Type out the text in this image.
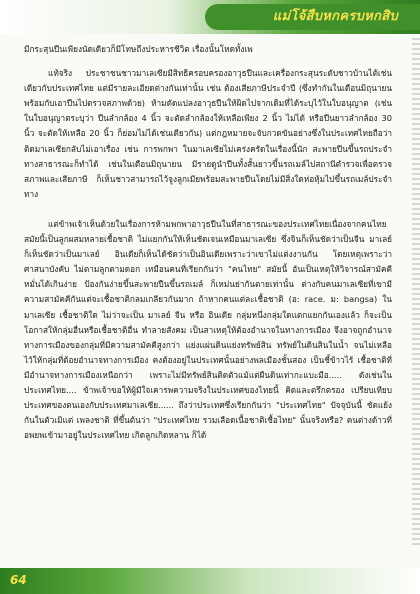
แม่โจ้สืบหกครบหกสิบ

มีกระสุนปืนเพียงนัดเดียวก็มีโทษถึงประหารชีวิต เรื่องนั้นโหดทั้งเพ

แท้จริง ประชาชนชาวมาเลเซียมีสิทธิครอบครองอาวุธปืนและเครื่องกระสุนระดับชาวบ้านได้เช่นเดียวกับประเทศไทย แต่มีรายละเอียดต่างกันเท่านั้น เช่น ต้องเสียภาษีประจำปี (ซึ่งทำกันในเดือนมิถุนายน พร้อมกับเอาปืนไปตรวจสภาพด้วย) ห้ามดัดแปลงอาวุธปืนให้ผิดไปจากเดิมที่ได้ระบุไว้ในใบอนุญาต (เช่นในใบอนุญาตระบุว่า ปืนลำกล้อง 4 นิ้ว จะตัดลำกล้องให้เหลือเพียง 2 นิ้ว ไม่ได้ หรือปืนยาวลำกล้อง 30 นิ้ว จะตัดให้เหลือ 20 นิ้ว ก็ย่อมไม่ได้เช่นเดียวกัน) แต่กฎหมายจะจับกวดขันอย่างซึ่งในประเทศไทยถือว่าติดมาเลเซียกลับไม่เอาเรื่อง เช่น การพกพา ในมาเลเซียไม่เคร่งครัดในเรื่องนี้นัก สะพายปืนขึ้นรถประจำทางสาธารณะก็ทำได้ เช่นในเดือนมิถุนายน มีรายดูนำปืนทั้งสั้นยาวขึ้นรถเมล์ไปสถานีตำรวจเพื่อตรวจสภาพและเสียภาษี ก็เห็นชาวสามารถไว้จูงลูกเมียพร้อมสะพายปืนโดยไม่มีสิ่งใดห่อหุ้มไปขึ้นรถเมล์ประจำทาง

แต่ข้าพเจ้าเห็นด้วยในเรื่องการห้ามพกพาอาวุธปืนในที่สาธารณะของประเทศไทยเนื่องจากคนไทยสมัยนี้เป็นลูกผสมหลายเชื้อชาติ ไม่แยกกันให้เห็นชัดเจนเหมือนมาเลเซีย ซึ่งจินก็เห็นชัดว่าเป็นจีน มาเลย์ ก็เห็นชัดว่าเป็นมาเลย์ อินเดียก็เห็นได้ชัดว่าเป็นอินเดียเพราะว่าเขาไม่แต่งงานกัน โดยเหตุเพราะว่า ศาสนาบังคับ ไม่ตามลูกตามดอก เหมือนคนที่เรียกกันว่า "คนไทย" สมัยนี้ อันเป็นเหตุให้วิจารณ์สามัคคี หมั่นได้เกินง่าย ป้องกันง่ายขึ้นสะพายปืนขึ้นรถเมล์ ก็เหม่นย่ากันตายเท่านั้น ต่างกับคนมาเลเซียที่เขามีความสามัคคีกันแต่จะเชื้อชาติกลมเกลียวกันมาก ถ้าหากคนแต่ละเชื้อชาติ (อ: race. ม: bangsa) ในมาเลเซีย เชื้อชาติใด ไม่ว่าจะเป็น มาเลย์ จีน หรือ อินเดีย กลุ่มหนึ่งกลุ่มใดแตกแยกกันเองแล้ว ก็จะเป็นโอกาสให้กลุ่มอื่นหรือเชื้อชาติอื่น ทำลายสังคม เป็นสาเหตุให้ต้องอำนาจในทางการเมือง จึงอาจถูกอำนาจทางการเมืองของกลุ่มที่มีความสามัคคีสูงกว่า แย่งแผ่นดินแย่งทรัพย์สิน ทรัพย์ในดินสินในน้ำ จนไม่เหลือไว้ให้กลุ่มที่ด้อยอำนาจทางการเมือง คงต้องอยู่ในประเทศนั้นอย่างพลเมืองชั้นสอง เป็นชี้ข้าวไร้ เชื้อชาติที่มีอำนาจทางการเมืองเหนือกว่า เพราะไม่มีทรัพย์สินติดตัวแม้แต่ผืนดินเท่ากะแบะมือ..... ดังเช่นในประเทศไทย.... ข้าพเจ้าขอให้ผู้มีใจเคารพความจริงในประเทศของไทยนี้ คิดและตรึกตรอง เปรียบเทียบประเทศของตนเองกับประเทศมาเลเซีย...... ถึงว่าประเทศซึ่งเรียกกันว่า "ประเทศไทย" ปัจจุบันนี้ ชัดแย้งกันในตัวเมิแต่ เพลงชาติ ที่ขึ้นต้นว่า "ประเทศไทย รวมเลือดเนื้อชาติเชื้อไทย" นั้นจริงหรือ? คนต่างด้าวที่อพยพเข้ามาอยู่ในประเทศไทย เกิดลูกเกิดหลาน ก็ได้

64
